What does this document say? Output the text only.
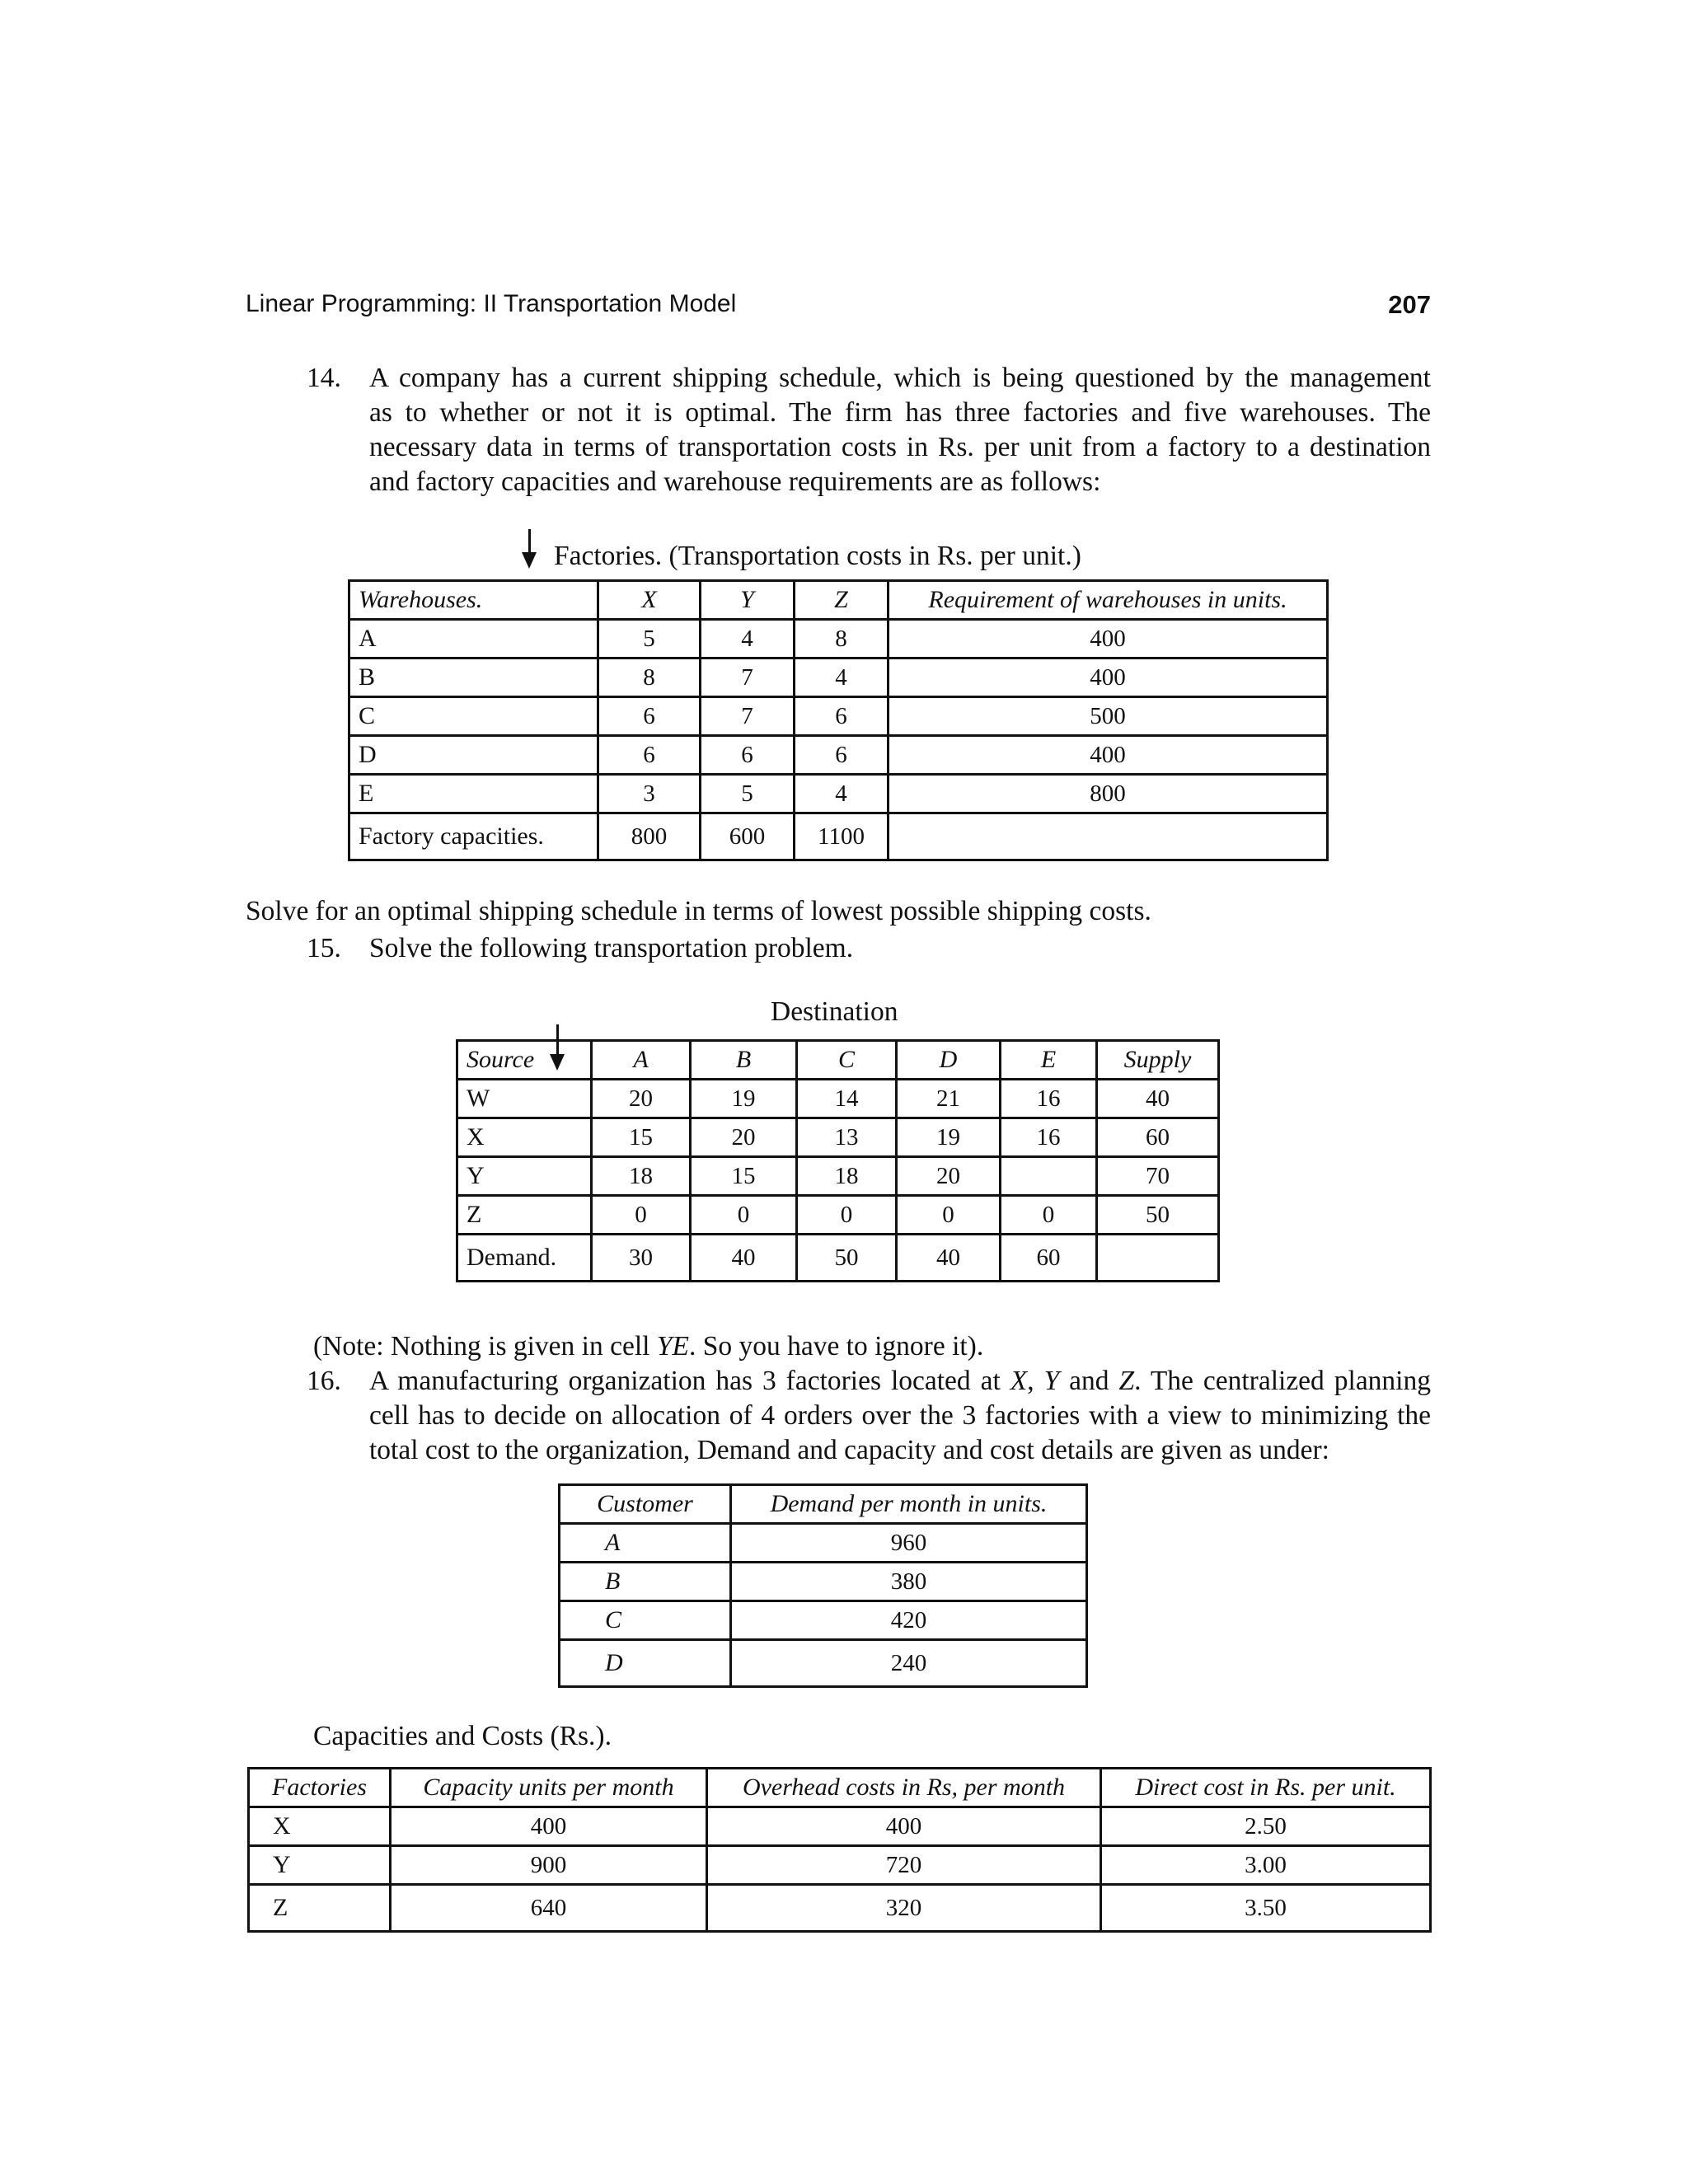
Linear Programming: II Transportation Model	207
14. A company has a current shipping schedule, which is being questioned by the management
as to whether or not it is optimal. The firm has three factories and five warehouses. The
necessary data in terms of transportation costs in Rs. per unit from a factory to a destination
and factory capacities and warehouse requirements are as follows:
Factories. (Transportation costs in Rs. per unit.)
Warehouses.	X	Y	Z	Requirement of warehouses in units.
A	5	4	8	400
B	8	7	4	400
C	6	7	6	500
D	6	6	6	400
E	3	5	4	800
Factory capacities.	800	600	1100	
Solve for an optimal shipping schedule in terms of lowest possible shipping costs.
15. Solve the following transportation problem.
Destination
Source	A	B	C	D	E	Supply
W	20	19	14	21	16	40
X	15	20	13	19	16	60
Y	18	15	18	20		70
Z	0	0	0	0	0	50
Demand.	30	40	50	40	60	
(Note: Nothing is given in cell YE. So you have to ignore it).
16. A manufacturing organization has 3 factories located at X, Y and Z. The centralized planning
cell has to decide on allocation of 4 orders over the 3 factories with a view to minimizing the
total cost to the organization, Demand and capacity and cost details are given as under:
Customer	Demand per month in units.
A	960
B	380
C	420
D	240
Capacities and Costs (Rs.).
Factories	Capacity units per month	Overhead costs in Rs, per month	Direct cost in Rs. per unit.
X	400	400	2.50
Y	900	720	3.00
Z	640	320	3.50
